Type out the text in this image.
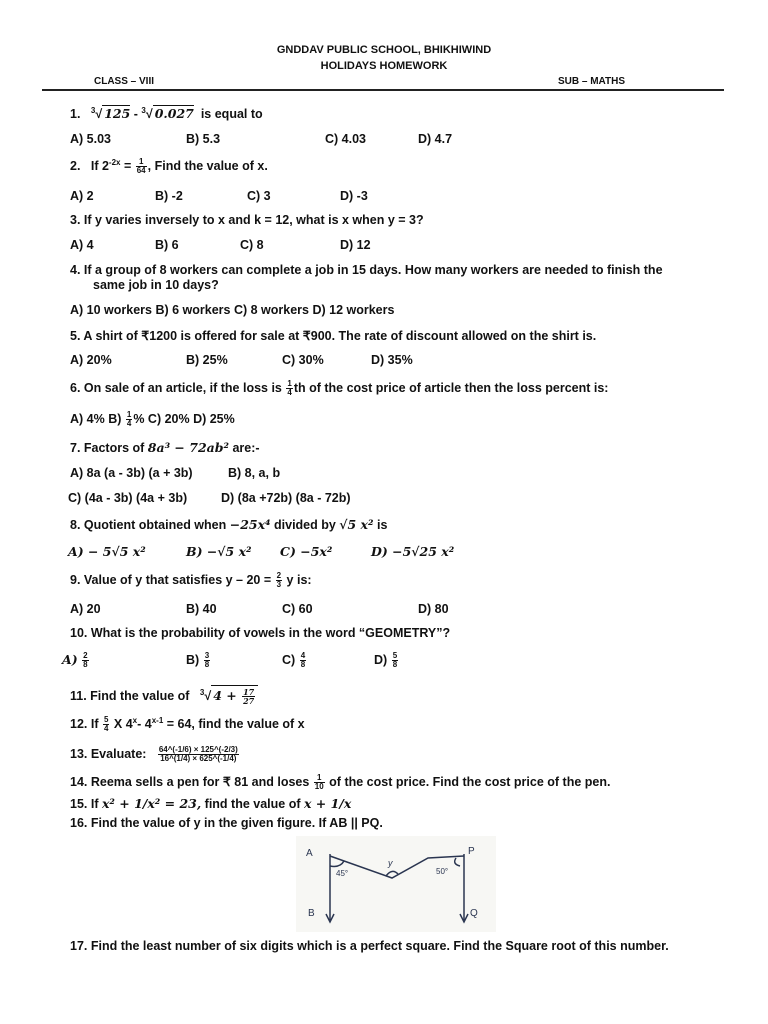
GNDDAV PUBLIC SCHOOL, BHIKHIWIND
HOLIDAYS HOMEWORK
CLASS – VIII	SUB – MATHS
1. $^3$√ 125 - $^3$√ 0.027 is equal to
A) 5.03	B) 5.3	C) 4.03	D) 4.7
2. If $2^{-2x} = \frac{1}{64}$ , Find the value of x.
A) 2	B) -2	C) 3	D) -3
3. If y varies inversely to x and k = 12, what is x when y = 3?
A) 4	B) 6	C) 8	D) 12
4. If a group of 8 workers can complete a job in 15 days. How many workers are needed to finish the
same job in 10 days?
A) 10 workers B) 6 workers C) 8 workers D) 12 workers
5. A shirt of ₹1200 is offered for sale at ₹900. The rate of discount allowed on the shirt is.
A) 20%	B) 25%	C) 30%	D) 35%
6. On sale of an article, if the loss is $\frac{1}{4}$ th of the cost price of article then the loss percent is:
A) 4% $B) \frac{1}{4}$ % C) 20% D) 25%
7. Factors of 8a³ − 72ab² are:-
A) 8a (a - 3b) (a + 3b)	B) 8, a, b
C) (4a - 3b) (4a + 3b)	D) (8a +72b) (8a - 72b)
8. Quotient obtained when −25x⁴ divided by √5 x² is
A) − 5√5 x²	B) −√5 x² C) −5x²	D) −5√25 x²
9. Value of y that satisfies $y - 20 = \frac{2}{3}$ y is:
A) 20	B) 40	C) 60	D) 80
10. What is the probability of vowels in the word “GEOMETRY”?
$A) \frac{2}{8}$	$B) \frac{3}{8}$	$C) \frac{4}{8}$	$D) \frac{5}{8}$
11. Find the value of $^3$√ $4 + \frac{17}{27}$
12. If $\frac{5}{4}$ X 4$^x$- $4^{x-1} = 64$, find the value of x
13. Evaluate: $\frac{64\^{}(-1/6) \times 125\^{}(-2/3)}{16\^{}(1/4) \times 625\^{}(-1/4)}$
14. Reema sells a pen for ₹ 81 and loses $\frac{1}{10}$ of the cost price. Find the cost price of the pen.
15. If x² + 1/x² = 23, find the value of x + 1/x
16. Find the value of y in the given figure. If AB || PQ.
A
B
P
Q
45°	50°
y
17. Find the least number of six digits which is a perfect square. Find the Square root of this number.
